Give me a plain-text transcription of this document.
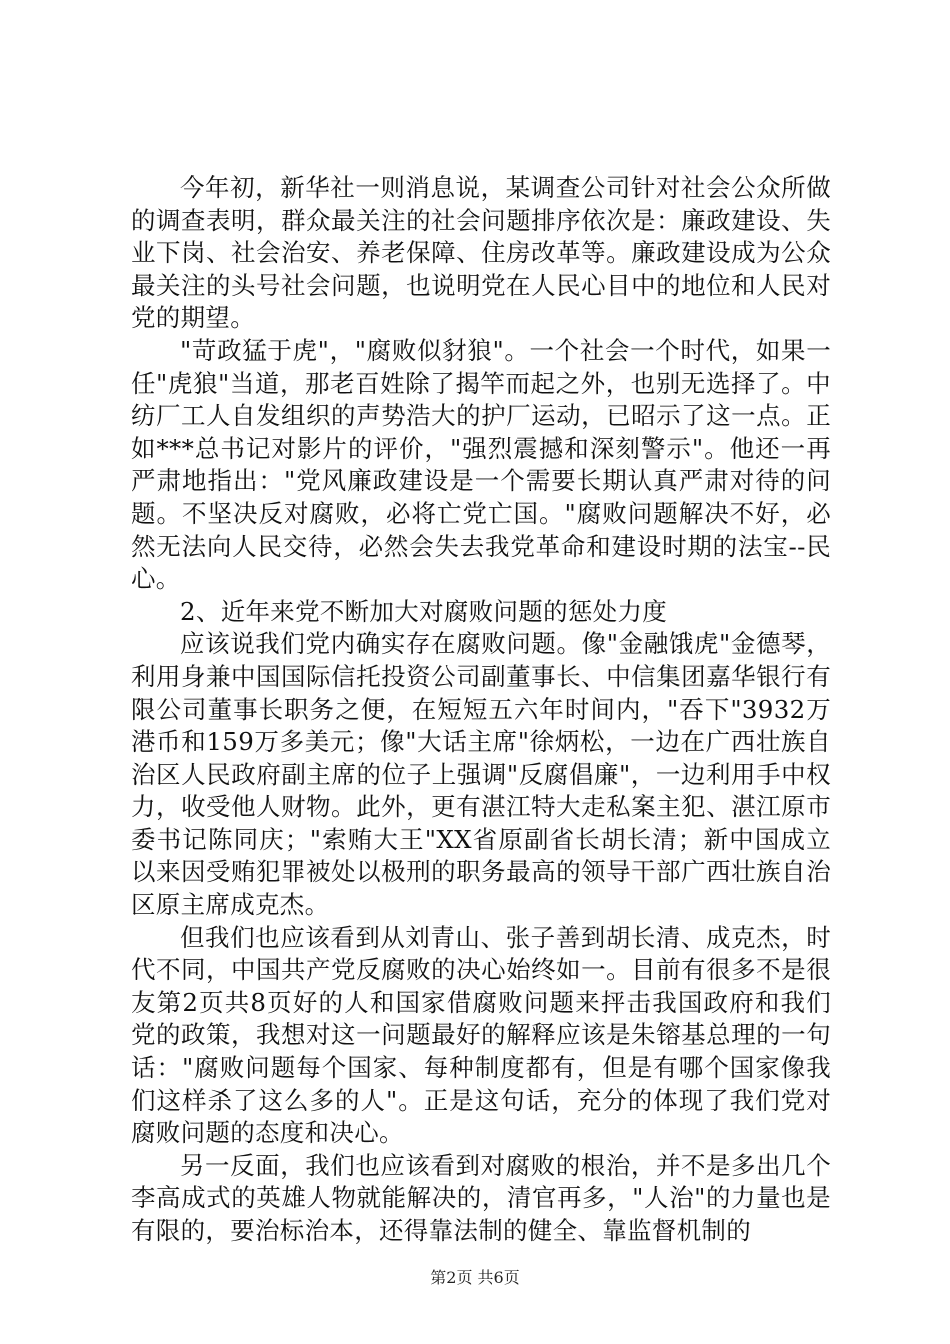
今年初，新华社一则消息说，某调查公司针对社会公众所做的调查表明，群众最关注的社会问题排序依次是：廉政建设、失业下岗、社会治安、养老保障、住房改革等。廉政建设成为公众最关注的头号社会问题，也说明党在人民心目中的地位和人民对党的期望。

"苛政猛于虎"，"腐败似豺狼"。一个社会一个时代，如果一任"虎狼"当道，那老百姓除了揭竿而起之外，也别无选择了。中纺厂工人自发组织的声势浩大的护厂运动，已昭示了这一点。正如***总书记对影片的评价，"强烈震撼和深刻警示"。他还一再严肃地指出："党风廉政建设是一个需要长期认真严肃对待的问题。不坚决反对腐败，必将亡党亡国。"腐败问题解决不好，必然无法向人民交待，必然会失去我党革命和建设时期的法宝--民心。

2、近年来党不断加大对腐败问题的惩处力度

应该说我们党内确实存在腐败问题。像"金融饿虎"金德琴，利用身兼中国国际信托投资公司副董事长、中信集团嘉华银行有限公司董事长职务之便，在短短五六年时间内，"吞下"3932万港币和159万多美元；像"大话主席"徐炳松，一边在广西壮族自治区人民政府副主席的位子上强调"反腐倡廉"，一边利用手中权力，收受他人财物。此外，更有湛江特大走私案主犯、湛江原市委书记陈同庆；"索贿大王"XX省原副省长胡长清；新中国成立以来因受贿犯罪被处以极刑的职务最高的领导干部广西壮族自治区原主席成克杰。

但我们也应该看到从刘青山、张子善到胡长清、成克杰，时代不同，中国共产党反腐败的决心始终如一。目前有很多不是很友第2页共8页好的人和国家借腐败问题来抨击我国政府和我们党的政策，我想对这一问题最好的解释应该是朱镕基总理的一句话："腐败问题每个国家、每种制度都有，但是有哪个国家像我们这样杀了这么多的人"。正是这句话，充分的体现了我们党对腐败问题的态度和决心。

另一反面，我们也应该看到对腐败的根治，并不是多出几个李高成式的英雄人物就能解决的，清官再多，"人治"的力量也是有限的，要治标治本，还得靠法制的健全、靠监督机制的

第2页 共6页
